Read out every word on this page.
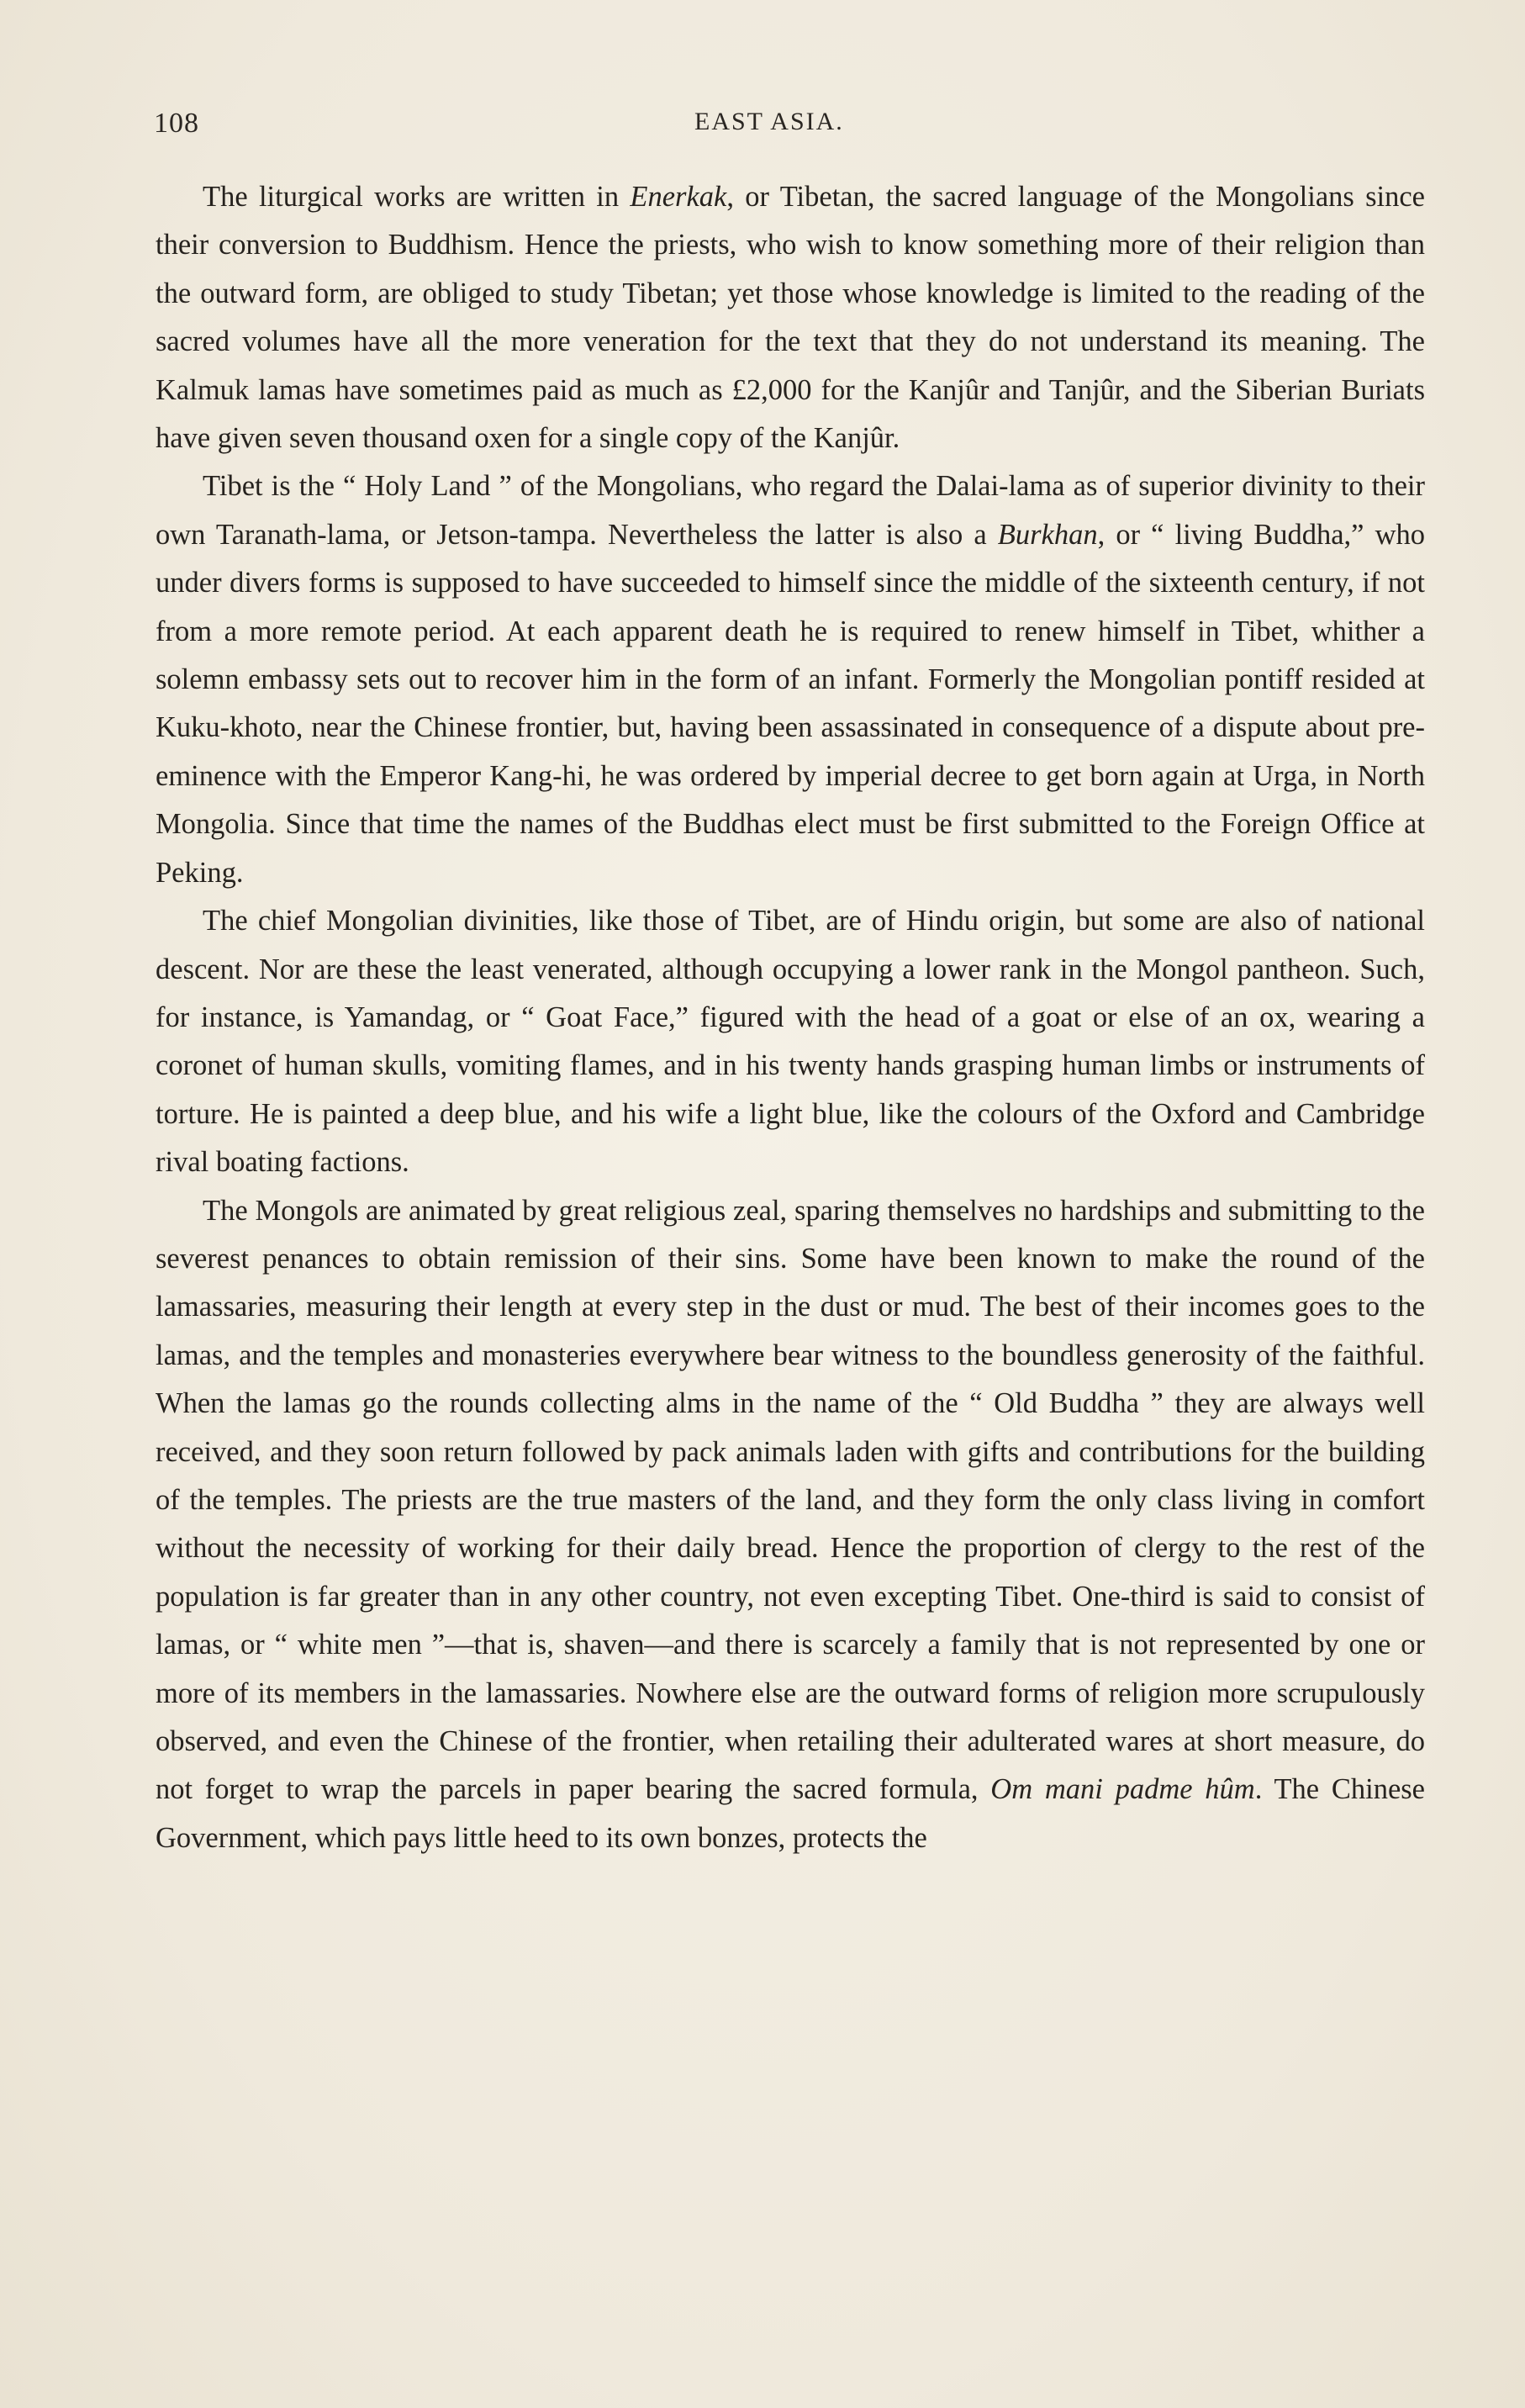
108	EAST ASIA.

The liturgical works are written in Enerkak, or Tibetan, the sacred language of the Mongolians since their conversion to Buddhism. Hence the priests, who wish to know something more of their religion than the outward form, are obliged to study Tibetan; yet those whose knowledge is limited to the reading of the sacred volumes have all the more veneration for the text that they do not understand its meaning. The Kalmuk lamas have sometimes paid as much as £2,000 for the Kanjûr and Tanjûr, and the Siberian Buriats have given seven thousand oxen for a single copy of the Kanjûr.

Tibet is the “ Holy Land ” of the Mongolians, who regard the Dalai-lama as of superior divinity to their own Taranath-lama, or Jetson-tampa. Nevertheless the latter is also a Burkhan, or “ living Buddha,” who under divers forms is supposed to have succeeded to himself since the middle of the sixteenth century, if not from a more remote period. At each apparent death he is required to renew himself in Tibet, whither a solemn embassy sets out to recover him in the form of an infant. Formerly the Mongolian pontiff resided at Kuku-khoto, near the Chinese frontier, but, having been assassinated in consequence of a dispute about pre-eminence with the Emperor Kang-hi, he was ordered by imperial decree to get born again at Urga, in North Mongolia. Since that time the names of the Buddhas elect must be first submitted to the Foreign Office at Peking.

The chief Mongolian divinities, like those of Tibet, are of Hindu origin, but some are also of national descent. Nor are these the least venerated, although occupying a lower rank in the Mongol pantheon. Such, for instance, is Yamandag, or “ Goat Face,” figured with the head of a goat or else of an ox, wearing a coronet of human skulls, vomiting flames, and in his twenty hands grasping human limbs or instruments of torture. He is painted a deep blue, and his wife a light blue, like the colours of the Oxford and Cambridge rival boating factions.

The Mongols are animated by great religious zeal, sparing themselves no hardships and submitting to the severest penances to obtain remission of their sins. Some have been known to make the round of the lamassaries, measuring their length at every step in the dust or mud. The best of their incomes goes to the lamas, and the temples and monasteries everywhere bear witness to the boundless generosity of the faithful. When the lamas go the rounds collecting alms in the name of the “ Old Buddha ” they are always well received, and they soon return followed by pack animals laden with gifts and contributions for the building of the temples. The priests are the true masters of the land, and they form the only class living in comfort without the necessity of working for their daily bread. Hence the proportion of clergy to the rest of the population is far greater than in any other country, not even excepting Tibet. One-third is said to consist of lamas, or “ white men ”—that is, shaven—and there is scarcely a family that is not represented by one or more of its members in the lamassaries. Nowhere else are the outward forms of religion more scrupulously observed, and even the Chinese of the frontier, when retailing their adulterated wares at short measure, do not forget to wrap the parcels in paper bearing the sacred formula, Om mani padme hûm. The Chinese Government, which pays little heed to its own bonzes, protects the
